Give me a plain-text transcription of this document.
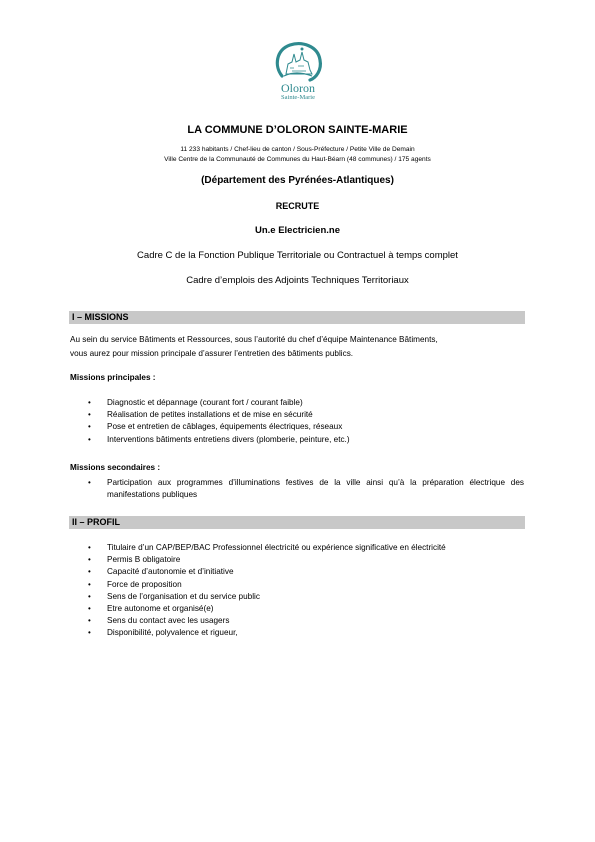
Oloron
Sainte-Marie
LA COMMUNE D’OLORON SAINTE-MARIE
11 233 habitants / Chef-lieu de canton / Sous-Préfecture / Petite Ville de Demain
Ville Centre de la Communauté de Communes du Haut-Béarn (48 communes) / 175 agents
(Département des Pyrénées-Atlantiques)
RECRUTE
Un.e Electricien.ne
Cadre C de la Fonction Publique Territoriale ou Contractuel à temps complet
Cadre d’emplois des Adjoints Techniques Territoriaux
I – MISSIONS
Au sein du service Bâtiments et Ressources, sous l’autorité du chef d’équipe Maintenance Bâtiments,
vous aurez pour mission principale d’assurer l’entretien des bâtiments publics.
Missions principales :
• Diagnostic et dépannage (courant fort / courant faible)
• Réalisation de petites installations et de mise en sécurité
• Pose et entretien de câblages, équipements électriques, réseaux
• Interventions bâtiments entretiens divers (plomberie, peinture, etc.)
Missions secondaires :
• Participation aux programmes d’illuminations festives de la ville ainsi qu’à la préparation électrique des manifestations publiques
II – PROFIL
• Titulaire d’un CAP/BEP/BAC Professionnel électricité ou expérience significative en électricité
• Permis B obligatoire
• Capacité d’autonomie et d’initiative
• Force de proposition
• Sens de l’organisation et du service public
• Etre autonome et organisé(e)
• Sens du contact avec les usagers
• Disponibilité, polyvalence et rigueur,
